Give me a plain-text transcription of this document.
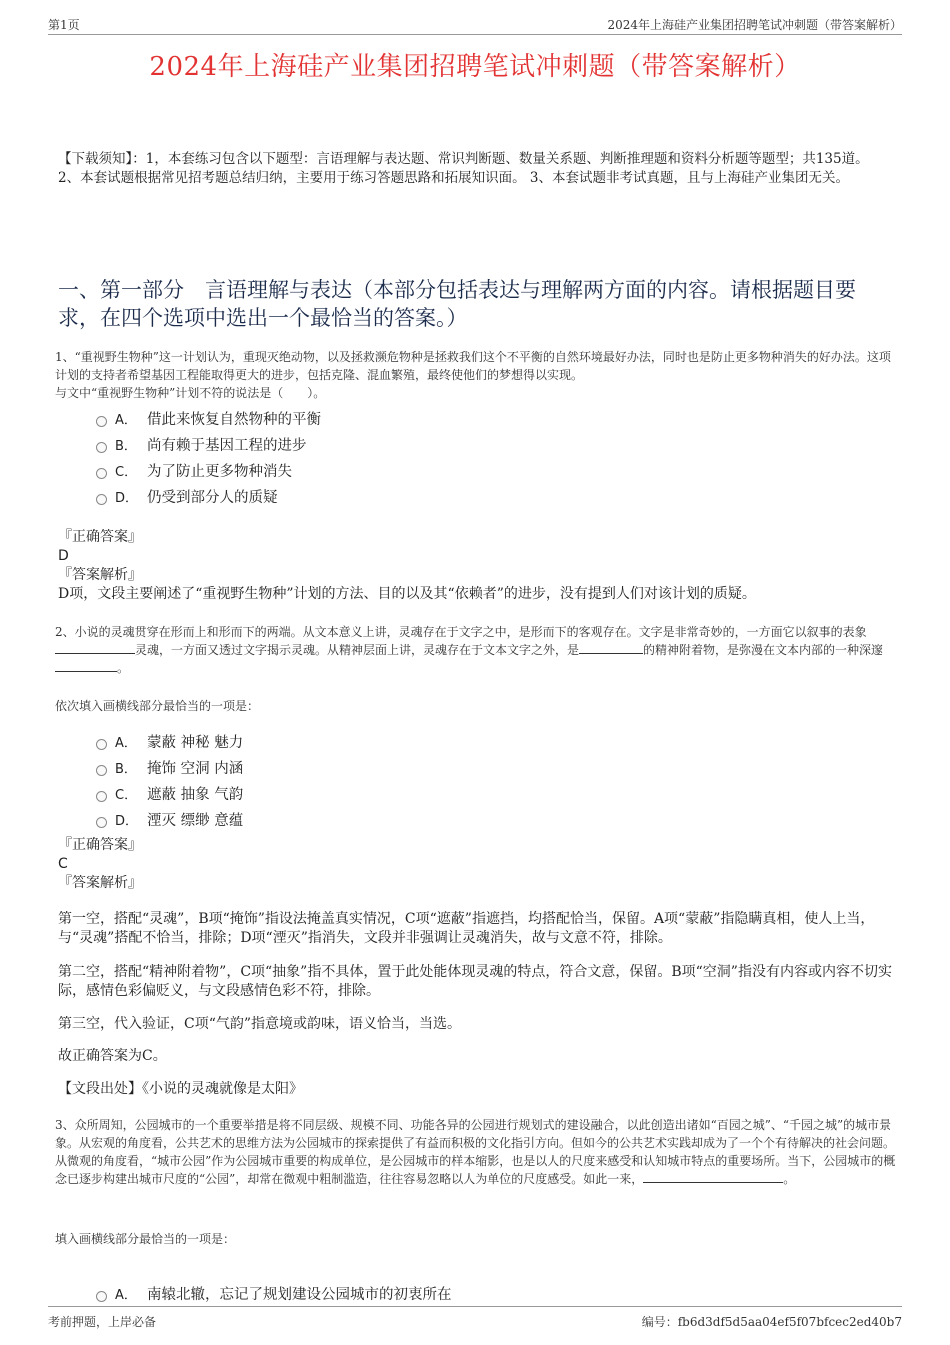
第1页	2024年上海硅产业集团招聘笔试冲刺题（带答案解析）
2024年上海硅产业集团招聘笔试冲刺题（带答案解析）
【下载须知】：1，本套练习包含以下题型：言语理解与表达题、常识判断题、数量关系题、判断推理题和资料分析题等题型；共135道。 2、本套试题根据常见招考题总结归纳，主要用于练习答题思路和拓展知识面。 3、本套试题非考试真题，且与上海硅产业集团无关。
一、第一部分　言语理解与表达（本部分包括表达与理解两方面的内容。请根据题目要求，在四个选项中选出一个最恰当的答案。）
1、“重视野生物种”这一计划认为，重现灭绝动物，以及拯救濒危物种是拯救我们这个不平衡的自然环境最好办法，同时也是防止更多物种消失的好办法。这项计划的支持者希望基因工程能取得更大的进步，包括克隆、混血繁殖，最终使他们的梦想得以实现。
与文中“重视野生物种”计划不符的说法是（　　）。
A． 借此来恢复自然物种的平衡
B． 尚有赖于基因工程的进步
C． 为了防止更多物种消失
D． 仍受到部分人的质疑
『正确答案』
D
『答案解析』
D项，文段主要阐述了“重视野生物种”计划的方法、目的以及其“依赖者”的进步，没有提到人们对该计划的质疑。
2、小说的灵魂贯穿在形而上和形而下的两端。从文本意义上讲，灵魂存在于文字之中，是形而下的客观存在。文字是非常奇妙的，一方面它以叙事的表象灵魂，一方面又透过文字揭示灵魂。从精神层面上讲，灵魂存在于文本文字之外，是	的精神附着物，是弥漫在文本内部的一种深邃。
依次填入画横线部分最恰当的一项是：
A． 蒙蔽 神秘 魅力
B． 掩饰 空洞 内涵
C． 遮蔽 抽象 气韵
D． 湮灭 缥缈 意蕴
『正确答案』
C
『答案解析』
第一空，搭配“灵魂”，B项“掩饰”指设法掩盖真实情况，C项“遮蔽”指遮挡，均搭配恰当，保留。A项“蒙蔽”指隐瞒真相，使人上当，与“灵魂”搭配不恰当，排除；D项“湮灭”指消失，文段并非强调让灵魂消失，故与文意不符，排除。
第二空，搭配“精神附着物”，C项“抽象”指不具体，置于此处能体现灵魂的特点，符合文意，保留。B项“空洞”指没有内容或内容不切实际，感情色彩偏贬义，与文段感情色彩不符，排除。
第三空，代入验证，C项“气韵”指意境或韵味，语义恰当，当选。
故正确答案为C。
【文段出处】《小说的灵魂就像是太阳》
3、众所周知，公园城市的一个重要举措是将不同层级、规模不同、功能各异的公园进行规划式的建设融合，以此创造出诸如“百园之城”、“千园之城”的城市景象。从宏观的角度看，公共艺术的思维方法为公园城市的探索提供了有益而积极的文化指引方向。但如今的公共艺术实践却成为了一个个有待解决的社会问题。从微观的角度看，“城市公园”作为公园城市重要的构成单位，是公园城市的样本缩影，也是以人的尺度来感受和认知城市特点的重要场所。当下，公园城市的概念已逐步构建出城市尺度的“公园”，却常在微观中粗制滥造，往往容易忽略以人为单位的尺度感受。如此一来，	。
填入画横线部分最恰当的一项是：
A． 南辕北辙，忘记了规划建设公园城市的初衷所在
考前押题，上岸必备	编号：fb6d3df5d5aa04ef5f07bfcec2ed40b7
